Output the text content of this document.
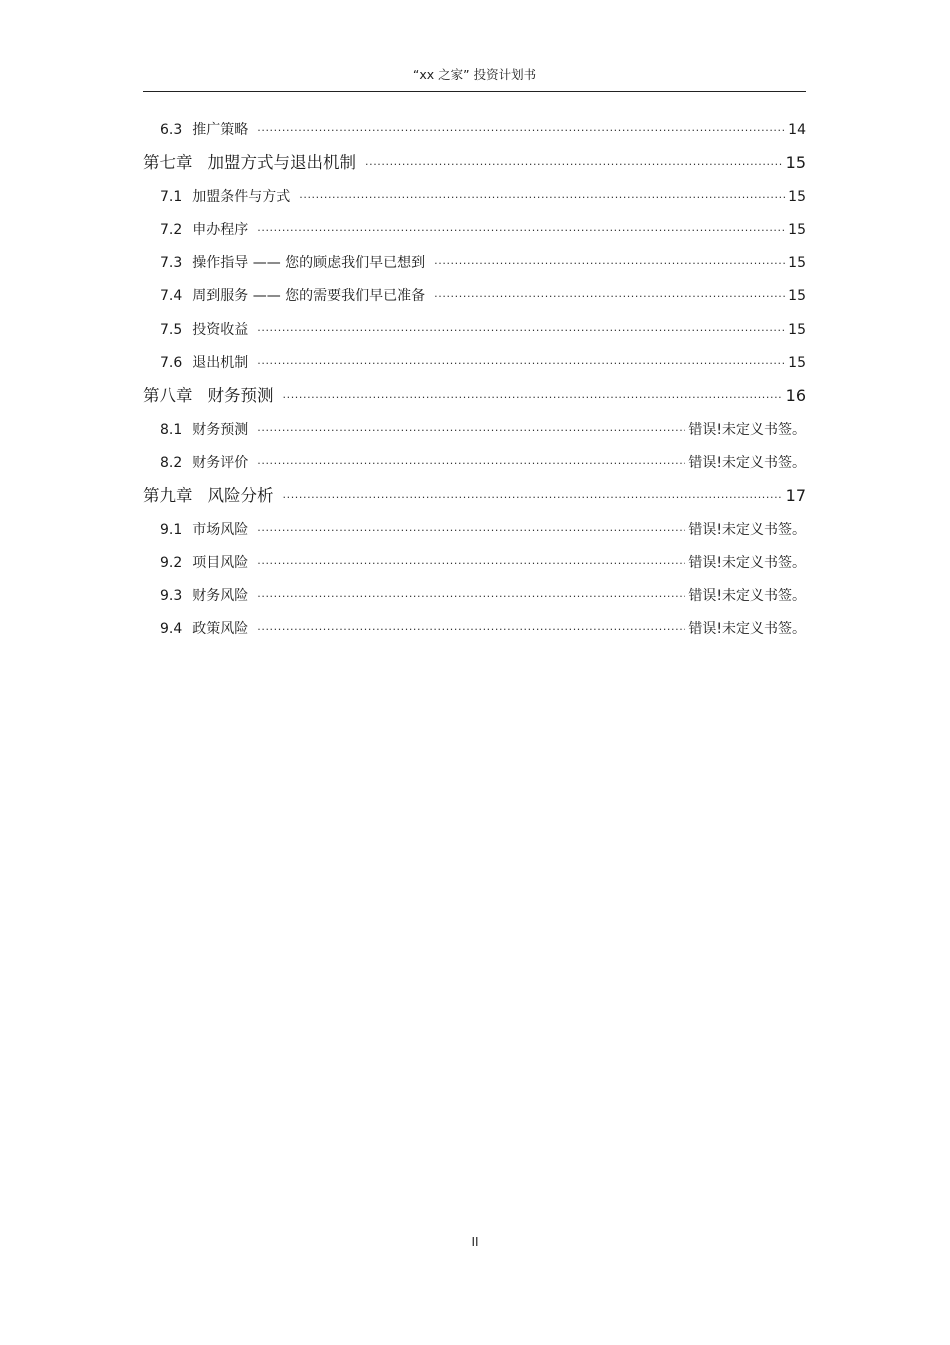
“xx 之家” 投资计划书
6.3 推广策略 .....	14
第七章 加盟方式与退出机制 .....	15
7.1 加盟条件与方式 .....	15
7.2 申办程序 .....	15
7.3 操作指导 —— 您的顾虑我们早已想到 .....	15
7.4 周到服务 —— 您的需要我们早已准备 .....	15
7.5 投资收益 .....	15
7.6 退出机制 .....	15
第八章 财务预测 .....	16
8.1 财务预测 .....	错误!未定义书签。
8.2 财务评价 .....	错误!未定义书签。
第九章 风险分析 .....	17
9.1 市场风险 .....	错误!未定义书签。
9.2 项目风险 .....	错误!未定义书签。
9.3 财务风险 .....	错误!未定义书签。
9.4 政策风险 .....	错误!未定义书签。
II
